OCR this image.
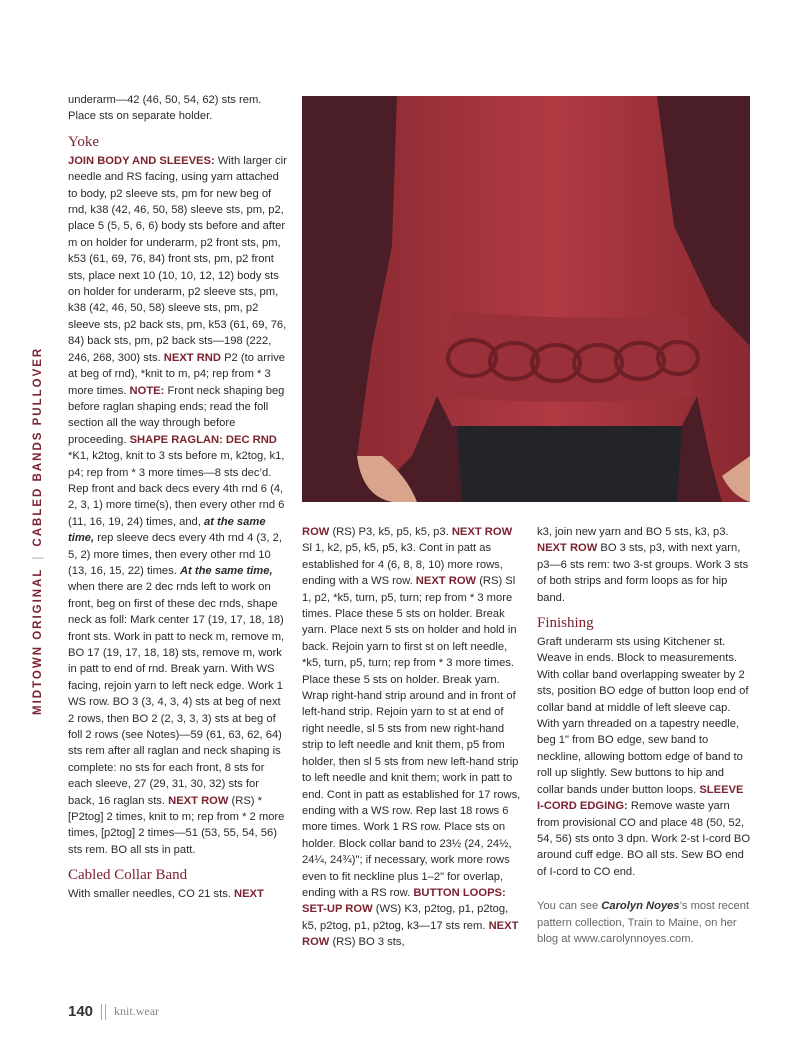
MIDTOWN ORIGINAL
|
CABLED BANDS PULLOVER

underarm—42 (46, 50, 54, 62) sts rem. Place sts on separate holder.

Yoke

JOIN BODY AND SLEEVES: With larger cir needle and RS facing, using yarn attached to body, p2 sleeve sts, pm for new beg of rnd, k38 (42, 46, 50, 58) sleeve sts, pm, p2, place 5 (5, 5, 6, 6) body sts before and after m on holder for underarm, p2 front sts, pm, k53 (61, 69, 76, 84) front sts, pm, p2 front sts, place next 10 (10, 10, 12, 12) body sts on holder for underarm, p2 sleeve sts, pm, k38 (42, 46, 50, 58) sleeve sts, pm, p2 sleeve sts, p2 back sts, pm, k53 (61, 69, 76, 84) back sts, pm, p2 back sts—198 (222, 246, 268, 300) sts. NEXT RND P2 (to arrive at beg of rnd), *knit to m, p4; rep from * 3 more times. NOTE: Front neck shaping beg before raglan shaping ends; read the foll section all the way through before proceeding. SHAPE RAGLAN: DEC RND *K1, k2tog, knit to 3 sts before m, k2tog, k1, p4; rep from * 3 more times—8 sts dec’d. Rep front and back decs every 4th rnd 6 (4, 2, 3, 1) more time(s), then every other rnd 6 (11, 16, 19, 24) times, and, at the same time, rep sleeve decs every 4th rnd 4 (3, 2, 5, 2) more times, then every other rnd 10 (13, 16, 15, 22) times. At the same time, when there are 2 dec rnds left to work on front, beg on first of these dec rnds, shape neck as foll: Mark center 17 (19, 17, 18, 18) front sts. Work in patt to neck m, remove m, BO 17 (19, 17, 18, 18) sts, remove m, work in patt to end of rnd. Break yarn. With WS facing, rejoin yarn to left neck edge. Work 1 WS row. BO 3 (3, 4, 3, 4) sts at beg of next 2 rows, then BO 2 (2, 3, 3, 3) sts at beg of foll 2 rows (see Notes)—59 (61, 63, 62, 64) sts rem after all raglan and neck shaping is complete: no sts for each front, 8 sts for each sleeve, 27 (29, 31, 30, 32) sts for back, 16 raglan sts. NEXT ROW (RS) *[P2tog] 2 times, knit to m; rep from * 2 more times, [p2tog] 2 times—51 (53, 55, 54, 56) sts rem. BO all sts in patt.

Cabled Collar Band

With smaller needles, CO 21 sts. NEXT

ROW (RS) P3, k5, p5, k5, p3. NEXT ROW Sl 1, k2, p5, k5, p5, k3. Cont in patt as established for 4 (6, 8, 8, 10) more rows, ending with a WS row. NEXT ROW (RS) Sl 1, p2, *k5, turn, p5, turn; rep from * 3 more times. Place these 5 sts on holder. Break yarn. Place next 5 sts on holder and hold in back. Rejoin yarn to first st on left needle, *k5, turn, p5, turn; rep from * 3 more times. Place these 5 sts on holder. Break yarn. Wrap right-hand strip around and in front of left-hand strip. Rejoin yarn to st at end of right needle, sl 5 sts from new right-hand strip to left needle and knit them, p5 from holder, then sl 5 sts from new left-hand strip to left needle and knit them; work in patt to end. Cont in patt as established for 17 rows, ending with a WS row. Rep last 18 rows 6 more times. Work 1 RS row. Place sts on holder. Block collar band to 23½ (24, 24½, 24¼, 24¾)"; if necessary, work more rows even to fit neckline plus 1–2" for overlap, ending with a RS row. BUTTON LOOPS: SET-UP ROW (WS) K3, p2tog, p1, p2tog, k5, p2tog, p1, p2tog, k3—17 sts rem. NEXT ROW (RS) BO 3 sts,

k3, join new yarn and BO 5 sts, k3, p3. NEXT ROW BO 3 sts, p3, with next yarn, p3—6 sts rem: two 3-st groups. Work 3 sts of both strips and form loops as for hip band.

Finishing

Graft underarm sts using Kitchener st. Weave in ends. Block to measurements. With collar band overlapping sweater by 2 sts, position BO edge of button loop end of collar band at middle of left sleeve cap. With yarn threaded on a tapestry needle, beg 1" from BO edge, sew band to neckline, allowing bottom edge of band to roll up slightly. Sew buttons to hip and collar bands under button loops. SLEEVE I-CORD EDGING: Remove waste yarn from provisional CO and place 48 (50, 52, 54, 56) sts onto 3 dpn. Work 2-st I-cord BO around cuff edge. BO all sts. Sew BO end of I-cord to CO end.

You can see Carolyn Noyes’s most recent pattern collection, Train to Maine, on her blog at www.carolynnoyes.com.

140 knit.wear
